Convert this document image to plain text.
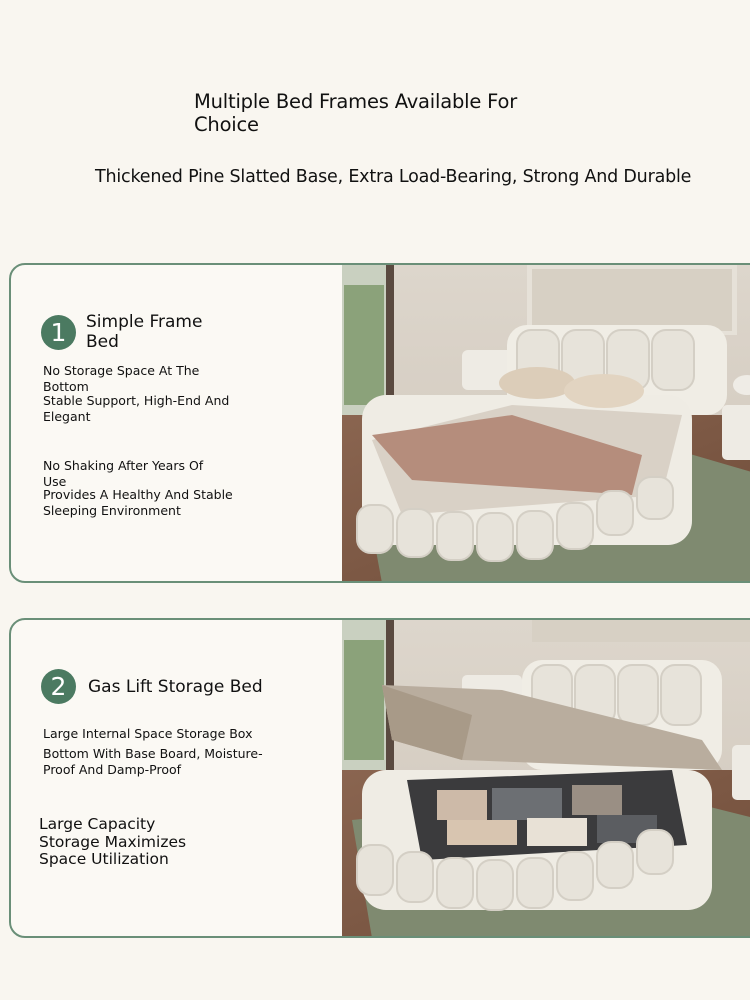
Multiple Bed Frames Available For Choice
Thickened Pine Slatted Base, Extra Load-Bearing, Strong And Durable
1	Simple Frame Bed
No Storage Space At The Bottom
Stable Support, High-End And Elegant
No Shaking After Years Of Use
Provides A Healthy And Stable Sleeping Environment
2	Gas Lift Storage Bed
Large Internal Space Storage Box
Bottom With Base Board, Moisture-Proof And Damp-Proof
Large Capacity Storage Maximizes Space Utilization
